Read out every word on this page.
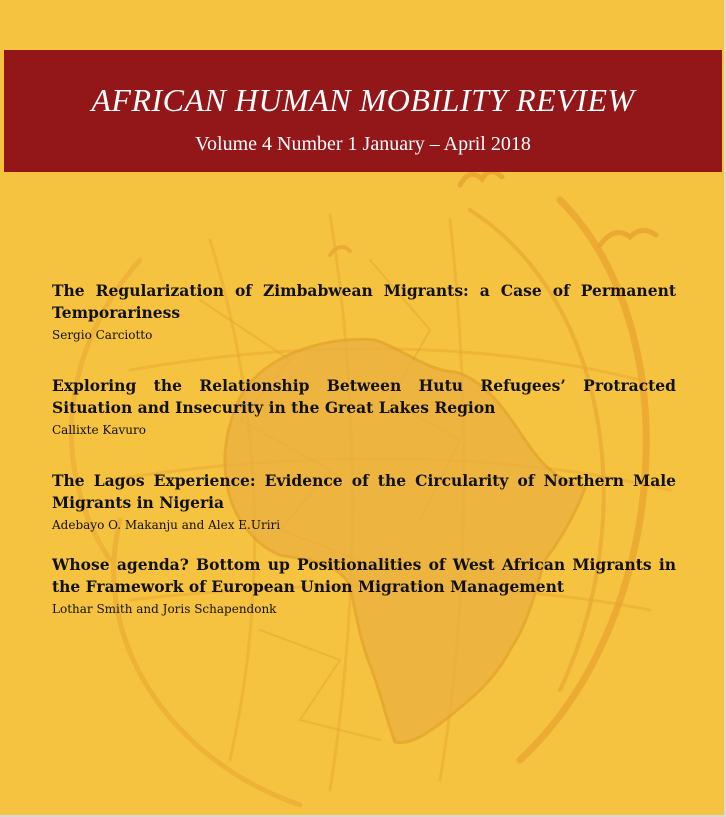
AFRICAN HUMAN MOBILITY REVIEW
Volume 4 Number 1 January – April 2018

The Regularization of Zimbabwean Migrants: a Case of Permanent Temporariness

Sergio Carciotto

Exploring the Relationship Between Hutu Refugees’ Protracted Situation and Insecurity in the Great Lakes Region

Callixte Kavuro

The Lagos Experience: Evidence of the Circularity of Northern Male Migrants in Nigeria

Adebayo O. Makanju and Alex E.Uriri

Whose agenda? Bottom up Positionalities of West African Migrants in the Framework of European Union Migration Management

Lothar Smith and Joris Schapendonk
